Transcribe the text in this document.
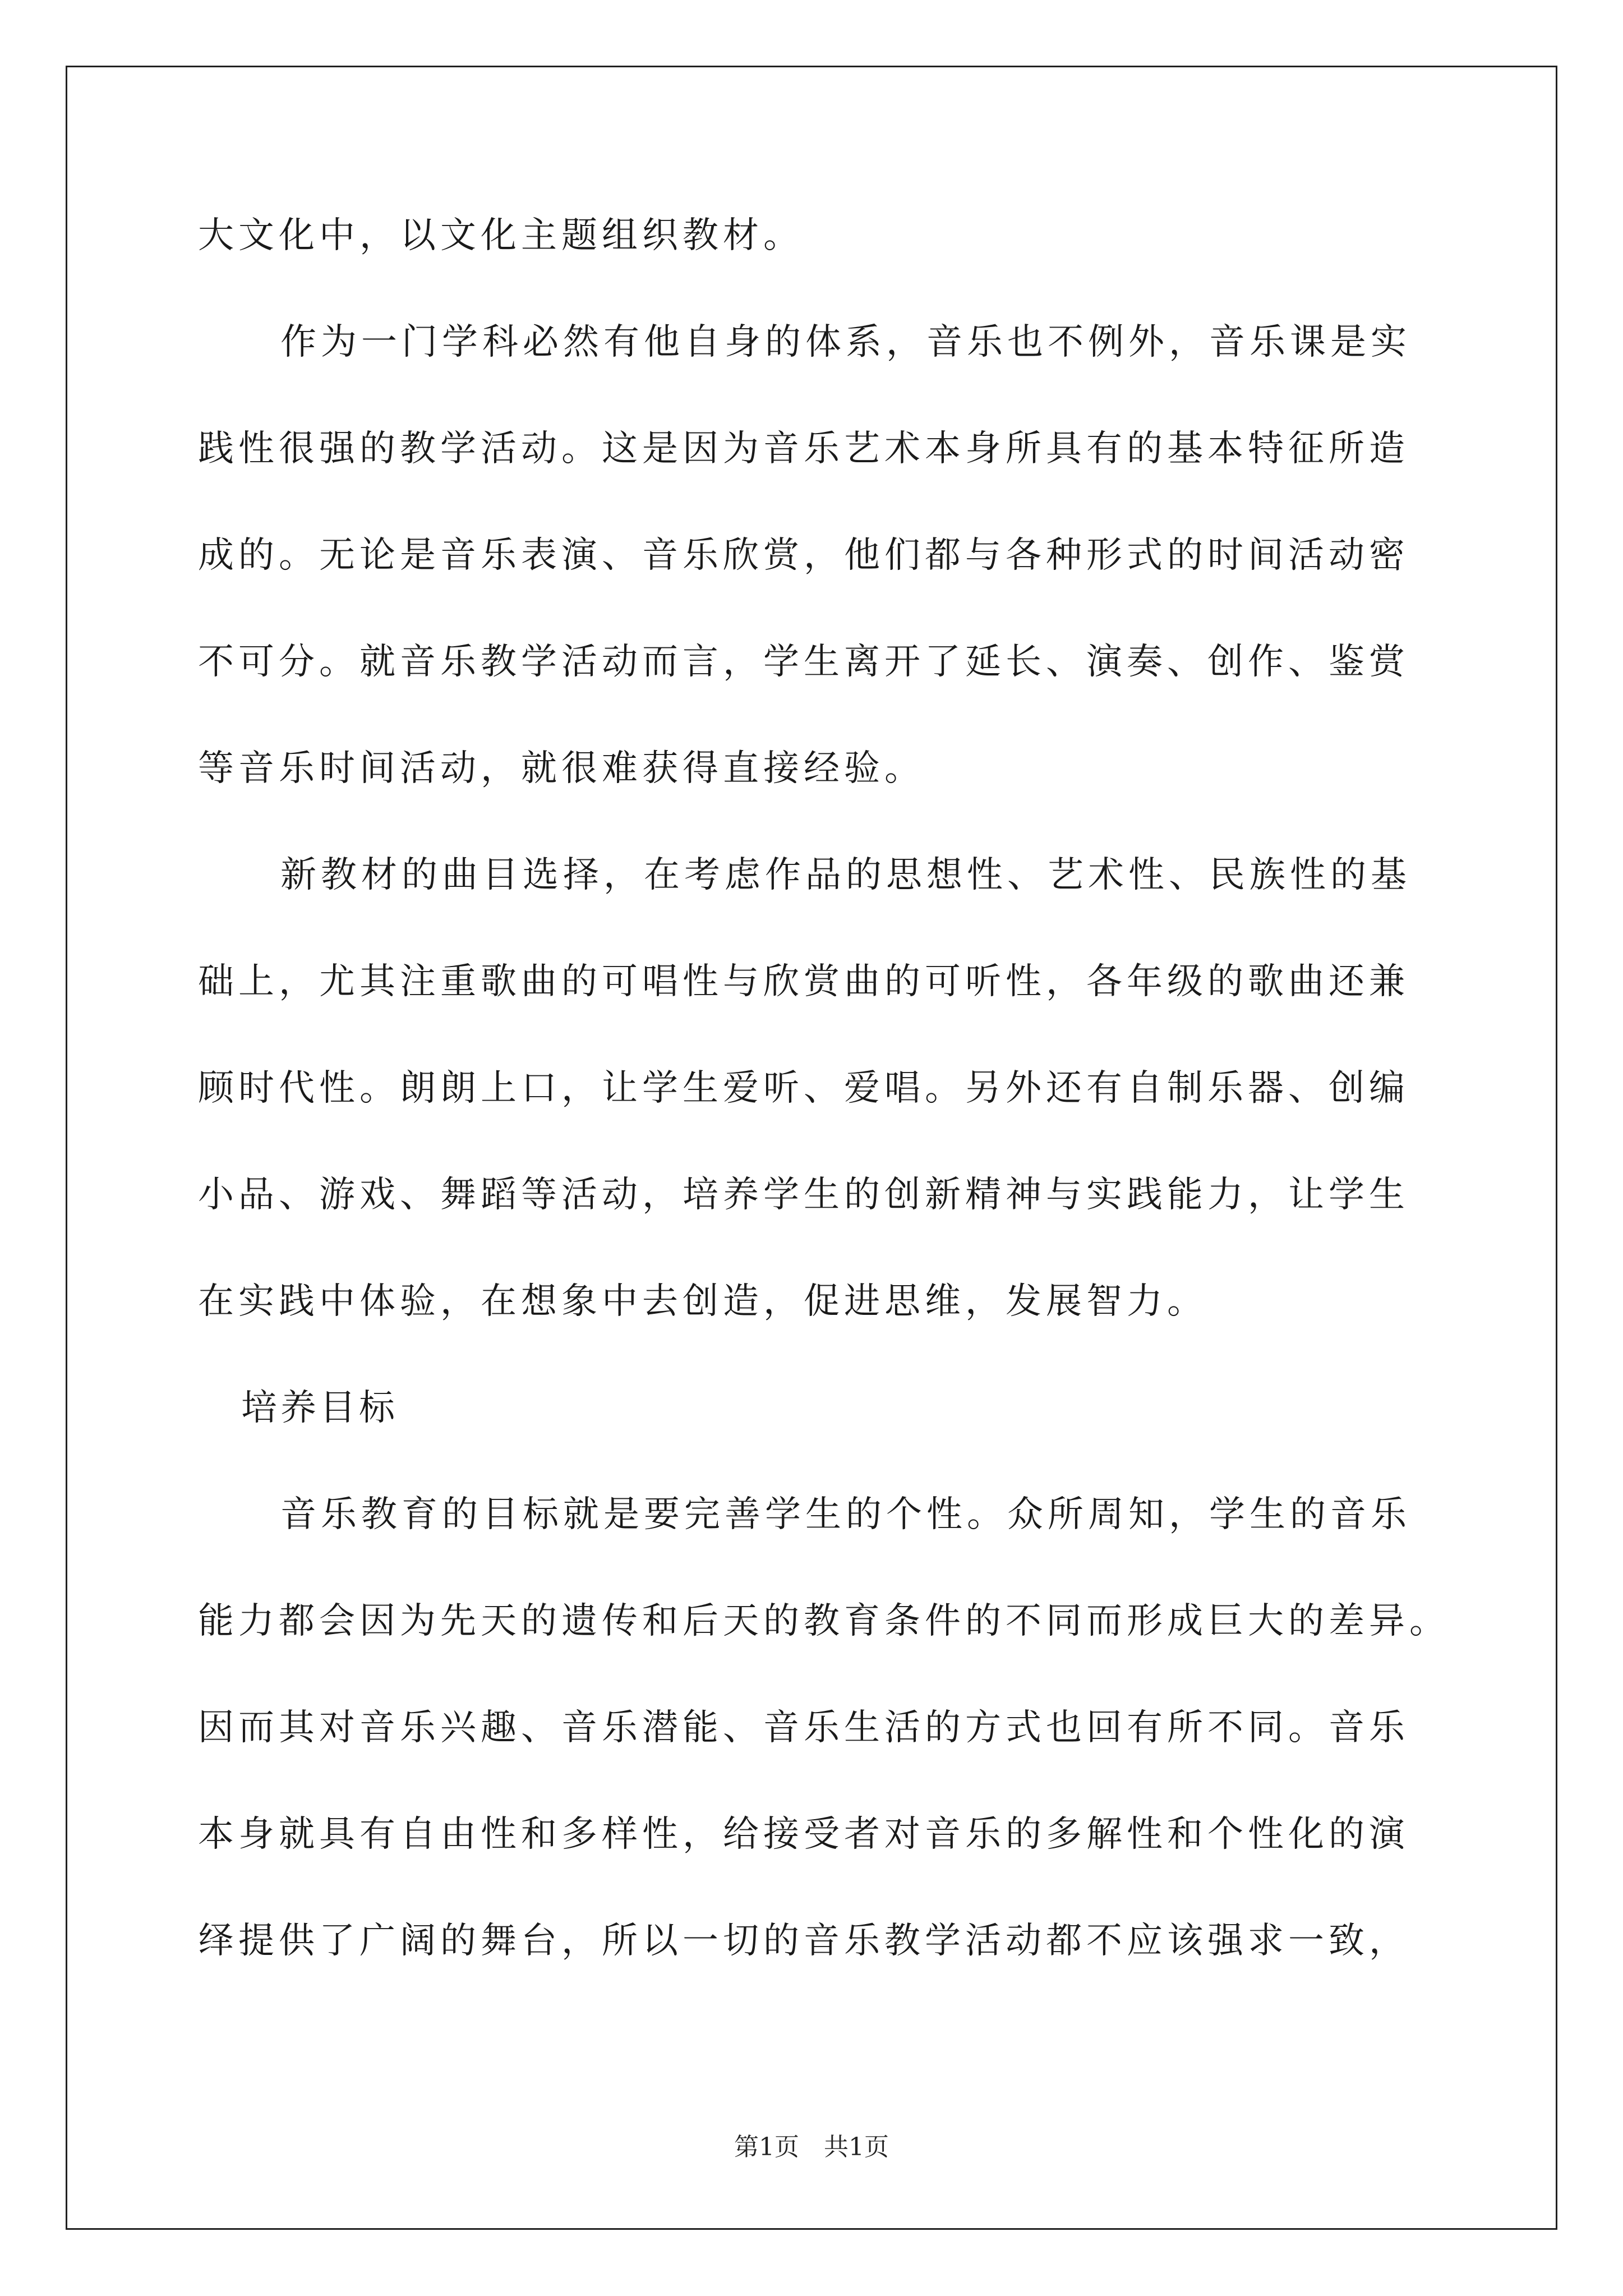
大文化中，以文化主题组织教材。
作为一门学科必然有他自身的体系，音乐也不例外，音乐课是实
践性很强的教学活动。这是因为音乐艺术本身所具有的基本特征所造
成的。无论是音乐表演、音乐欣赏，他们都与各种形式的时间活动密
不可分。就音乐教学活动而言，学生离开了延长、演奏、创作、鉴赏
等音乐时间活动，就很难获得直接经验。
新教材的曲目选择，在考虑作品的思想性、艺术性、民族性的基
础上，尤其注重歌曲的可唱性与欣赏曲的可听性，各年级的歌曲还兼
顾时代性。朗朗上口，让学生爱听、爱唱。另外还有自制乐器、创编
小品、游戏、舞蹈等活动，培养学生的创新精神与实践能力，让学生
在实践中体验，在想象中去创造，促进思维，发展智力。
培养目标
音乐教育的目标就是要完善学生的个性。众所周知，学生的音乐
能力都会因为先天的遗传和后天的教育条件的不同而形成巨大的差异。
因而其对音乐兴趣、音乐潜能、音乐生活的方式也回有所不同。音乐
本身就具有自由性和多样性，给接受者对音乐的多解性和个性化的演
绎提供了广阔的舞台，所以一切的音乐教学活动都不应该强求一致，
第1页　共1页
